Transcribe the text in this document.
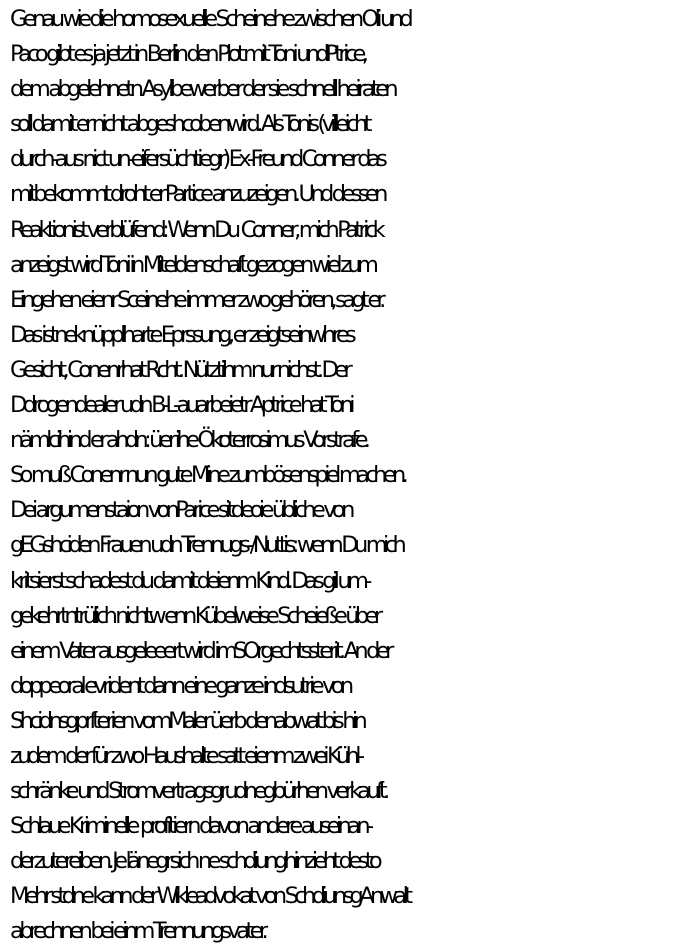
Genau wie die homosexuelle Scheinehe zwischen Oli und
Paco gibt es ja jetzt in Berlin den Plot mit Toni undPtrice,
dem abgelehnetn Asylbewerber der sie schnell heiraten
soll damit er nicht abgeshcobenwird. Als Tonis (villeicht
durch-aus nict un-eifersüchtiegr) Ex-Freund Conner das
mitbekommt droht er Partice anzuzeigen. Und dessen
Reaktionist verblüfend: Wenn Du  Conner, mich Patrick
anzeigst wird Toni in Miteldenschaft gezogen wiel zum
Eingehen eienr Sceinehe immer zwo gehören, sagt er.
Das istneknüpplharte Eprssung, er zeigtseinwhres
Gesicht, Conenrhat Rcht. Nütztihm nur nichst. Der
Ddrogendealer udn B-L-auarbeietr Aptrice hat Toni
nämlcihind er ahdn: üer ihe Ökoterrosimus Vorstrafe.
So muß Conenr nun gute Mine zumbösenspiel machen.
Dei argumenstaion vonParice sitdeoie übliche von
gEGshciden Frauen udn Trennugs-/Nuttis: wenn Du mich
kritsierst schadest du damit deienm Kind. Das gil um-
gekehrtntrülich nichtw enn Kübelweise Scheieße über
einem Vater ausgeleeert wird imSOrgechtssterit. An der
doppeoral evrident dann eine ganze indsutrie von
Shcidnsgprfterien vomMaler üerb denabwat bis hin
zudem der für zwo Haushalte satt eienm zwei Kühl-
schränke und Stromvertragsgrudnegbürhen verkauft.
Schlaue Kriminelle  profitiern davon andere auseinan-
derzutereiben. Je länegrsich ne schdiunghinzieht desto
Mehr stdne kann der Wikleadvokat von SchdiunsgAnwalt
abrechnen bei einm Trennungsvater.
